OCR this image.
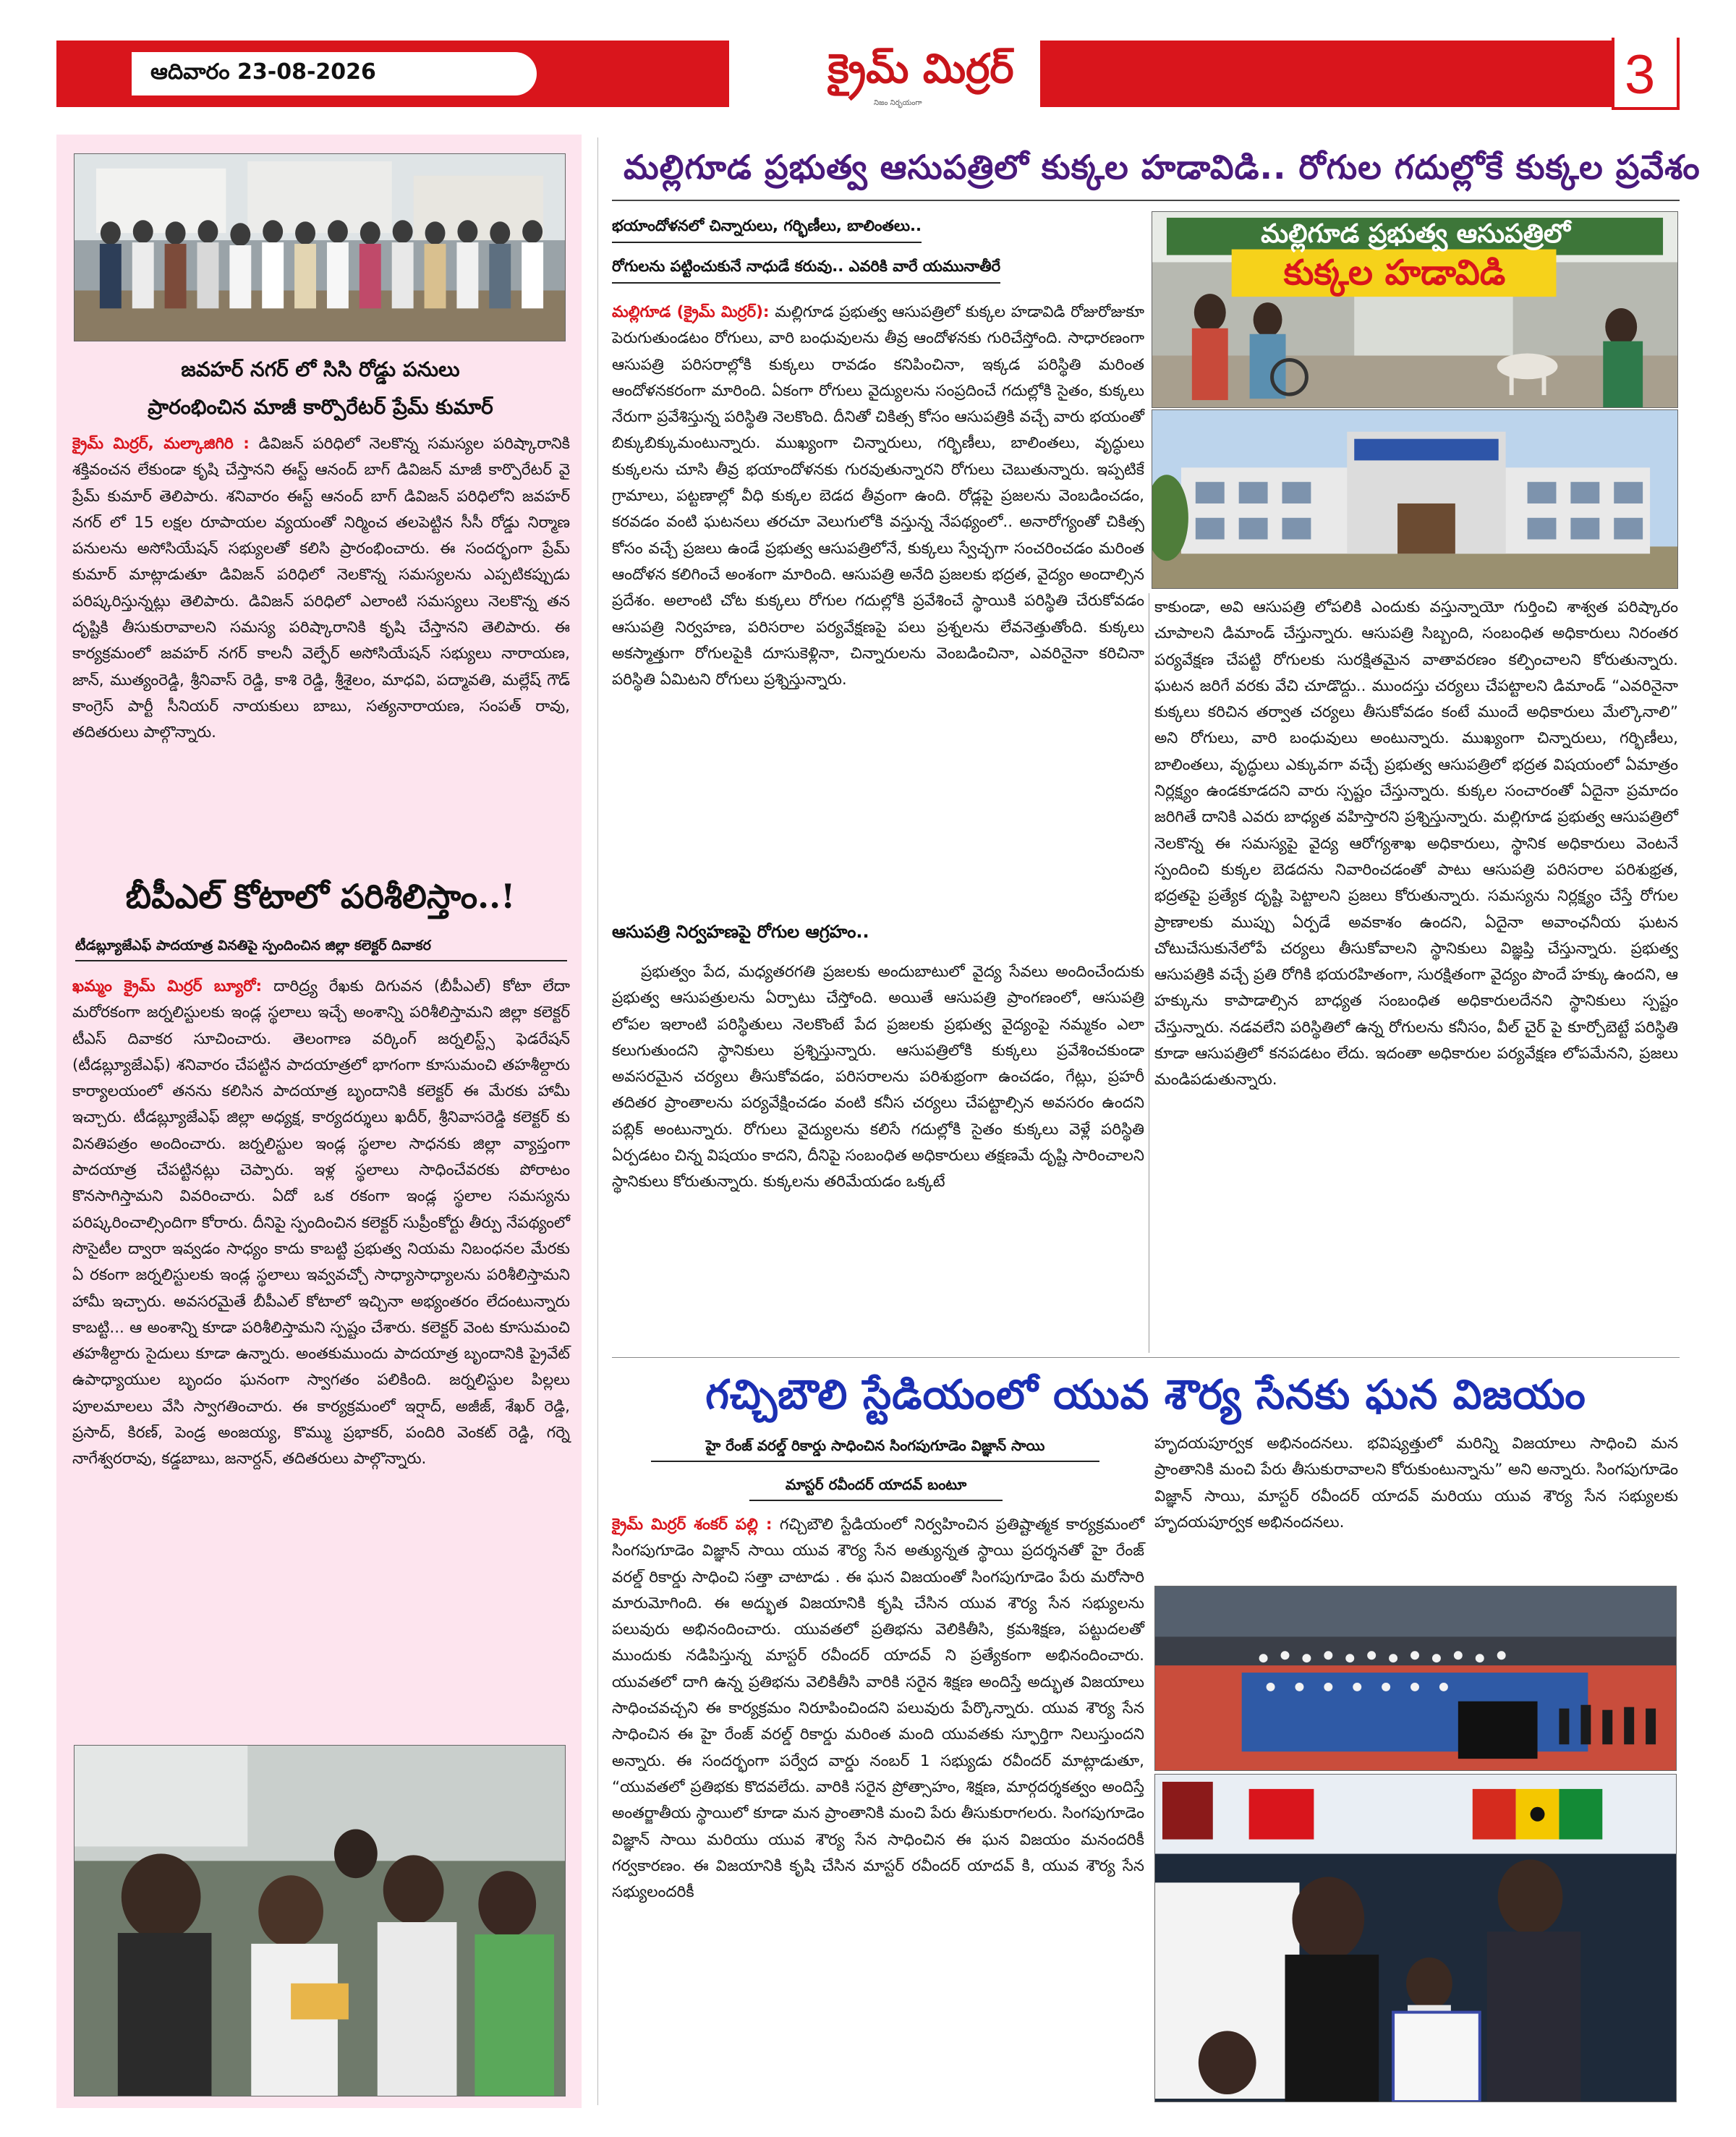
ఆదివారం 23-08-2026	క్రైమ్ మిర్రర్
నిజం నిర్భయంగా	3
జవహర్ నగర్ లో సిసి రోడ్డు పనులు
ప్రారంభించిన మాజీ కార్పొరేటర్ ప్రేమ్ కుమార్
క్రైమ్ మిర్రర్, మల్కాజిగిరి : డివిజన్ పరిధిలో నెలకొన్న సమస్యల పరిష్కారానికి శక్తివంచన లేకుండా కృషి చేస్తానని ఈస్ట్ ఆనంద్ బాగ్ డివిజన్ మాజీ కార్పొరేటర్ వై ప్రేమ్ కుమార్ తెలిపారు. శనివారం ఈస్ట్ ఆనంద్ బాగ్ డివిజన్ పరిధిలోని జవహర్ నగర్ లో 15 లక్షల రూపాయల వ్యయంతో నిర్మించ తలపెట్టిన సీసీ రోడ్డు నిర్మాణ పనులను అసోసియేషన్ సభ్యులతో కలిసి ప్రారంభించారు. ఈ సందర్భంగా ప్రేమ్ కుమార్ మాట్లాడుతూ డివిజన్ పరిధిలో నెలకొన్న సమస్యలను ఎప్పటికప్పుడు పరిష్కరిస్తున్నట్లు తెలిపారు. డివిజన్ పరిధిలో ఎలాంటి సమస్యలు నెలకొన్న తన దృష్టికి తీసుకురావాలని సమస్య పరిష్కారానికి కృషి చేస్తానని తెలిపారు. ఈ కార్యక్రమంలో జవహర్ నగర్ కాలనీ వెల్ఫేర్ అసోసియేషన్ సభ్యులు నారాయణ, జాన్, ముత్యంరెడ్డి, శ్రీనివాస్ రెడ్డి, కాశి రెడ్డి, శ్రీశైలం, మాధవి, పద్మావతి, మల్లేష్ గౌడ్ కాంగ్రెస్ పార్టీ సీనియర్ నాయకులు బాబు, సత్యనారాయణ, సంపత్ రావు, తదితరులు పాల్గొన్నారు.
బీపీఎల్ కోటాలో పరిశీలిస్తాం..!
టీడబ్ల్యూజేఎఫ్ పాదయాత్ర వినతిపై స్పందించిన జిల్లా కలెక్టర్ దివాకర
ఖమ్మం క్రైమ్ మిర్రర్ బ్యూరో: దారిద్ర్య రేఖకు దిగువన (బీపీఎల్) కోటా లేదా మరోరకంగా జర్నలిస్టులకు ఇండ్ల స్థలాలు ఇచ్చే అంశాన్ని పరిశీలిస్తామని జిల్లా కలెక్టర్ టీఎస్ దివాకర సూచించారు. తెలంగాణ వర్కింగ్ జర్నలిస్ట్స్ ఫెడరేషన్ (టీడబ్ల్యూజేఎఫ్) శనివారం చేపట్టిన పాదయాత్రలో భాగంగా కూసుమంచి తహశీల్దారు కార్యాలయంలో తనను కలిసిన పాదయాత్ర బృందానికి కలెక్టర్ ఈ మేరకు హామీ ఇచ్చారు. టీడబ్ల్యూజేఎఫ్ జిల్లా అధ్యక్ష, కార్యదర్శులు ఖదీర్, శ్రీనివాసరెడ్డి కలెక్టర్ కు వినతిపత్రం అందించారు. జర్నలిస్టుల ఇండ్ల స్థలాల సాధనకు జిల్లా వ్యాప్తంగా పాదయాత్ర చేపట్టినట్లు చెప్పారు. ఇళ్ల స్థలాలు సాధించేవరకు పోరాటం కొనసాగిస్తామని వివరించారు. ఏదో ఒక రకంగా ఇండ్ల స్థలాల సమస్యను పరిష్కరించాల్సిందిగా కోరారు. దీనిపై స్పందించిన కలెక్టర్ సుప్రీంకోర్టు తీర్పు నేపథ్యంలో సొసైటీల ద్వారా ఇవ్వడం సాధ్యం కాదు కాబట్టి ప్రభుత్వ నియమ నిబంధనల మేరకు ఏ రకంగా జర్నలిస్టులకు ఇండ్ల స్థలాలు ఇవ్వవచ్చో సాధ్యాసాధ్యాలను పరిశీలిస్తామని హామీ ఇచ్చారు. అవసరమైతే బీపీఎల్ కోటాలో ఇచ్చినా అభ్యంతరం లేదంటున్నారు కాబట్టి... ఆ అంశాన్ని కూడా పరిశీలిస్తామని స్పష్టం చేశారు. కలెక్టర్ వెంట కూసుమంచి తహశీల్దారు సైదులు కూడా ఉన్నారు. అంతకుముందు పాదయాత్ర బృందానికి ప్రైవేట్ ఉపాధ్యాయుల బృందం ఘనంగా స్వాగతం పలికింది. జర్నలిస్టుల పిల్లలు పూలమాలలు వేసి స్వాగతించారు. ఈ కార్యక్రమంలో ఇర్షాద్, అజీజ్, శేఖర్ రెడ్డి, ప్రసాద్, కిరణ్, పెండ్ర అంజయ్య, కొమ్ము ప్రభాకర్, పందిరి వెంకట్ రెడ్డి, గర్నె నాగేశ్వరరావు, కడ్డబాబు, జనార్దన్, తదితరులు పాల్గొన్నారు.
మల్లిగూడ ప్రభుత్వ ఆసుపత్రిలో కుక్కల హడావిడి.. రోగుల గదుల్లోకే కుక్కల ప్రవేశం
భయాందోళనలో చిన్నారులు, గర్భిణీలు, బాలింతలు..
రోగులను పట్టించుకునే నాధుడే కరువు.. ఎవరికి వారే యమునాతీరే
మల్లిగూడ (క్రైమ్ మిర్రర్): మల్లిగూడ ప్రభుత్వ ఆసుపత్రిలో కుక్కల హడావిడి రోజురోజుకూ పెరుగుతుండటం రోగులు, వారి బంధువులను తీవ్ర ఆందోళనకు గురిచేస్తోంది. సాధారణంగా ఆసుపత్రి పరిసరాల్లోకి కుక్కలు రావడం కనిపించినా, ఇక్కడ పరిస్థితి మరింత ఆందోళనకరంగా మారింది. ఏకంగా రోగులు వైద్యులను సంప్రదించే గదుల్లోకి సైతం, కుక్కలు నేరుగా ప్రవేశిస్తున్న పరిస్థితి నెలకొంది. దీనితో చికిత్స కోసం ఆసుపత్రికి వచ్చే వారు భయంతో బిక్కుబిక్కుమంటున్నారు. ముఖ్యంగా చిన్నారులు, గర్భిణీలు, బాలింతలు, వృద్ధులు కుక్కలను చూసి తీవ్ర భయాందోళనకు గురవుతున్నారని రోగులు చెబుతున్నారు. ఇప్పటికే గ్రామాలు, పట్టణాల్లో వీధి కుక్కల బెడద తీవ్రంగా ఉంది. రోడ్లపై ప్రజలను వెంబడించడం, కరవడం వంటి ఘటనలు తరచూ వెలుగులోకి వస్తున్న నేపథ్యంలో.. అనారోగ్యంతో చికిత్స కోసం వచ్చే ప్రజలు ఉండే ప్రభుత్వ ఆసుపత్రిలోనే, కుక్కలు స్వేచ్ఛగా సంచరించడం మరింత ఆందోళన కలిగించే అంశంగా మారింది. ఆసుపత్రి అనేది ప్రజలకు భద్రత, వైద్యం అందాల్సిన ప్రదేశం. అలాంటి చోట కుక్కలు రోగుల గదుల్లోకి ప్రవేశించే స్థాయికి పరిస్థితి చేరుకోవడం ఆసుపత్రి నిర్వహణ, పరిసరాల పర్యవేక్షణపై పలు ప్రశ్నలను లేవనెత్తుతోంది. కుక్కలు అకస్మాత్తుగా రోగులపైకి దూసుకెళ్లినా, చిన్నారులను వెంబడించినా, ఎవరినైనా కరిచినా పరిస్థితి ఏమిటని రోగులు ప్రశ్నిస్తున్నారు.
ఆసుపత్రి నిర్వహణపై రోగుల ఆగ్రహం..
ప్రభుత్వం పేద, మధ్యతరగతి ప్రజలకు అందుబాటులో వైద్య సేవలు అందించేందుకు ప్రభుత్వ ఆసుపత్రులను ఏర్పాటు చేస్తోంది. అయితే ఆసుపత్రి ప్రాంగణంలో, ఆసుపత్రి లోపల ఇలాంటి పరిస్థితులు నెలకొంటే పేద ప్రజలకు ప్రభుత్వ వైద్యంపై నమ్మకం ఎలా కలుగుతుందని స్థానికులు ప్రశ్నిస్తున్నారు. ఆసుపత్రిలోకి కుక్కలు ప్రవేశించకుండా అవసరమైన చర్యలు తీసుకోవడం, పరిసరాలను పరిశుభ్రంగా ఉంచడం, గేట్లు, ప్రహరీ తదితర ప్రాంతాలను పర్యవేక్షించడం వంటి కనీస చర్యలు చేపట్టాల్సిన అవసరం ఉందని పబ్లిక్ అంటున్నారు. రోగులు వైద్యులను కలిసే గదుల్లోకి సైతం కుక్కలు వెళ్లే పరిస్థితి ఏర్పడటం చిన్న విషయం కాదని, దీనిపై సంబంధిత అధికారులు తక్షణమే దృష్టి సారించాలని స్థానికులు కోరుతున్నారు. కుక్కలను తరిమేయడం ఒక్కటే
మల్లిగూడ ప్రభుత్వ ఆసుపత్రిలో
కుక్కల హడావిడి
కాకుండా, అవి ఆసుపత్రి లోపలికి ఎందుకు వస్తున్నాయో గుర్తించి శాశ్వత పరిష్కారం చూపాలని డిమాండ్ చేస్తున్నారు. ఆసుపత్రి సిబ్బంది, సంబంధిత అధికారులు నిరంతర పర్యవేక్షణ చేపట్టి రోగులకు సురక్షితమైన వాతావరణం కల్పించాలని కోరుతున్నారు. ఘటన జరిగే వరకు వేచి చూడొద్దు.. ముందస్తు చర్యలు చేపట్టాలని డిమాండ్ “ఎవరినైనా కుక్కలు కరిచిన తర్వాత చర్యలు తీసుకోవడం కంటే ముందే అధికారులు మేల్కొనాలి” అని రోగులు, వారి బంధువులు అంటున్నారు. ముఖ్యంగా చిన్నారులు, గర్భిణీలు, బాలింతలు, వృద్ధులు ఎక్కువగా వచ్చే ప్రభుత్వ ఆసుపత్రిలో భద్రత విషయంలో ఏమాత్రం నిర్లక్ష్యం ఉండకూడదని వారు స్పష్టం చేస్తున్నారు. కుక్కల సంచారంతో ఏదైనా ప్రమాదం జరిగితే దానికి ఎవరు బాధ్యత వహిస్తారని ప్రశ్నిస్తున్నారు. మల్లిగూడ ప్రభుత్వ ఆసుపత్రిలో నెలకొన్న ఈ సమస్యపై వైద్య ఆరోగ్యశాఖ అధికారులు, స్థానిక అధికారులు వెంటనే స్పందించి కుక్కల బెడదను నివారించడంతో పాటు ఆసుపత్రి పరిసరాల పరిశుభ్రత, భద్రతపై ప్రత్యేక దృష్టి పెట్టాలని ప్రజలు కోరుతున్నారు. సమస్యను నిర్లక్ష్యం చేస్తే రోగుల ప్రాణాలకు ముప్పు ఏర్పడే అవకాశం ఉందని, ఏదైనా అవాంఛనీయ ఘటన చోటుచేసుకునేలోపే చర్యలు తీసుకోవాలని స్థానికులు విజ్ఞప్తి చేస్తున్నారు. ప్రభుత్వ ఆసుపత్రికి వచ్చే ప్రతి రోగికి భయరహితంగా, సురక్షితంగా వైద్యం పొందే హక్కు ఉందని, ఆ హక్కును కాపాడాల్సిన బాధ్యత సంబంధిత అధికారులదేనని స్థానికులు స్పష్టం చేస్తున్నారు. నడవలేని పరిస్థితిలో ఉన్న రోగులను కనీసం, వీల్ చైర్ పై కూర్చోబెట్టే పరిస్థితి కూడా ఆసుపత్రిలో కనపడటం లేదు. ఇదంతా అధికారుల పర్యవేక్షణ లోపమేనని, ప్రజలు మండిపడుతున్నారు.
గచ్చిబౌలి స్టేడియంలో యువ శౌర్య సేనకు ఘన విజయం
హై రేంజ్ వరల్డ్ రికార్డు సాధించిన సింగపుగూడెం విజ్ఞాన్ సాయి
మాస్టర్ రవీందర్ యాదవ్ బంటూ
క్రైమ్ మిర్రర్ శంకర్ పల్లి : గచ్చిబౌలి స్టేడియంలో నిర్వహించిన ప్రతిష్టాత్మక కార్యక్రమంలో సింగపుగూడెం విజ్ఞాన్ సాయి యువ శౌర్య సేన అత్యున్నత స్థాయి ప్రదర్శనతో హై రేంజ్ వరల్డ్ రికార్డు సాధించి సత్తా చాటాడు . ఈ ఘన విజయంతో సింగపుగూడెం పేరు మరోసారి మారుమోగింది. ఈ అద్భుత విజయానికి కృషి చేసిన యువ శౌర్య సేన సభ్యులను పలువురు అభినందించారు. యువతలో ప్రతిభను వెలికితీసి, క్రమశిక్షణ, పట్టుదలతో ముందుకు నడిపిస్తున్న మాస్టర్ రవీందర్ యాదవ్ ని ప్రత్యేకంగా అభినందించారు. యువతలో దాగి ఉన్న ప్రతిభను వెలికితీసి వారికి సరైన శిక్షణ అందిస్తే అద్భుత విజయాలు సాధించవచ్చని ఈ కార్యక్రమం నిరూపించిందని పలువురు పేర్కొన్నారు. యువ శౌర్య సేన సాధించిన ఈ హై రేంజ్ వరల్డ్ రికార్డు మరింత మంది యువతకు స్ఫూర్తిగా నిలుస్తుందని అన్నారు. ఈ సందర్భంగా పర్వేద వార్డు నంబర్ 1 సభ్యుడు రవీందర్ మాట్లాడుతూ, “యువతలో ప్రతిభకు కొదవలేదు. వారికి సరైన ప్రోత్సాహం, శిక్షణ, మార్గదర్శకత్వం అందిస్తే అంతర్జాతీయ స్థాయిలో కూడా మన ప్రాంతానికి మంచి పేరు తీసుకురాగలరు. సింగపుగూడెం విజ్ఞాన్ సాయి మరియు యువ శౌర్య సేన సాధించిన ఈ ఘన విజయం మనందరికీ గర్వకారణం. ఈ విజయానికి కృషి చేసిన మాస్టర్ రవీందర్ యాదవ్ కి, యువ శౌర్య సేన సభ్యులందరికీ
హృదయపూర్వక అభినందనలు. భవిష్యత్తులో మరిన్ని విజయాలు సాధించి మన ప్రాంతానికి మంచి పేరు తీసుకురావాలని కోరుకుంటున్నాను” అని అన్నారు. సింగపుగూడెం విజ్ఞాన్ సాయి, మాస్టర్ రవీందర్ యాదవ్ మరియు యువ శౌర్య సేన సభ్యులకు హృదయపూర్వక అభినందనలు.
